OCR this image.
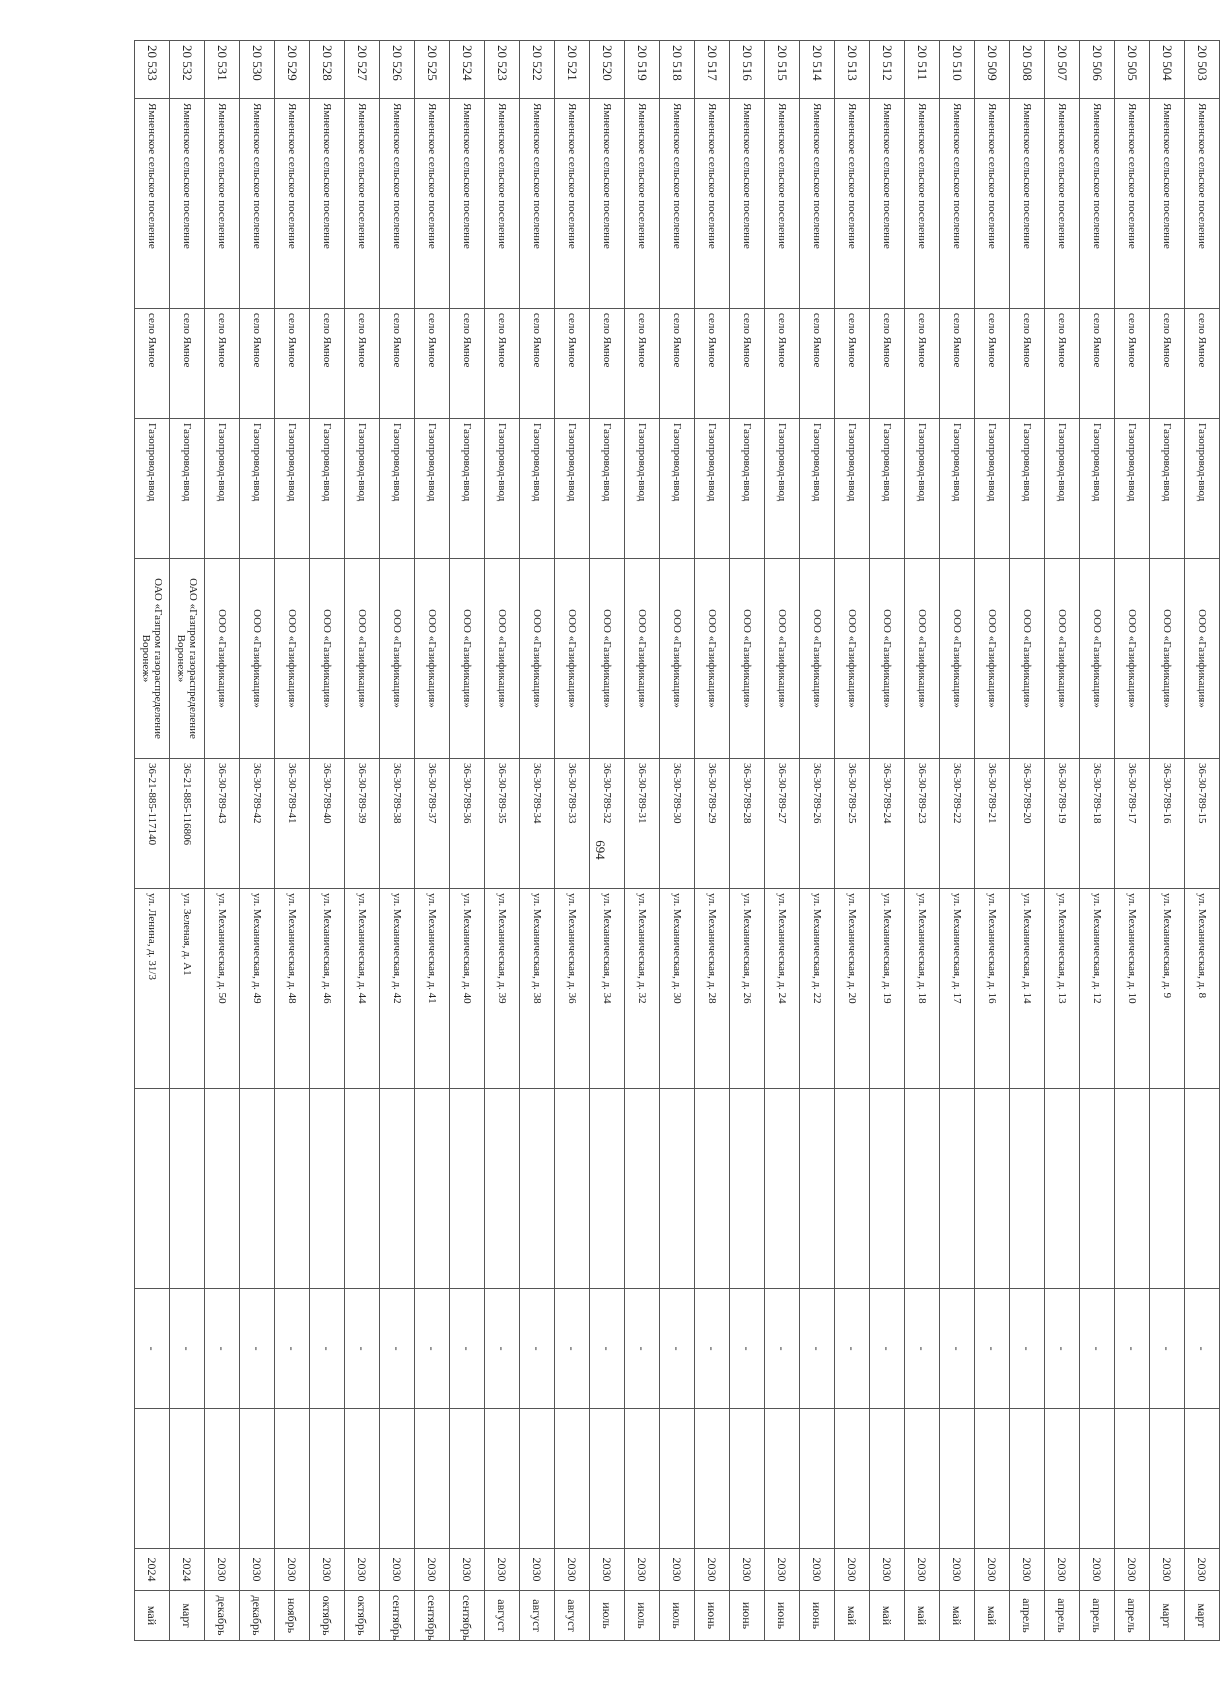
694
20 503	Ямненское сельское поселение	село Ямное	Газопровод-ввод	ООО «Газификация»	36-30-789-15	ул. Механическая, д. 8		-		2030	март
20 504	Ямненское сельское поселение	село Ямное	Газопровод-ввод	ООО «Газификация»	36-30-789-16	ул. Механическая, д. 9		-		2030	март
20 505	Ямненское сельское поселение	село Ямное	Газопровод-ввод	ООО «Газификация»	36-30-789-17	ул. Механическая, д. 10		-		2030	апрель
20 506	Ямненское сельское поселение	село Ямное	Газопровод-ввод	ООО «Газификация»	36-30-789-18	ул. Механическая, д. 12		-		2030	апрель
20 507	Ямненское сельское поселение	село Ямное	Газопровод-ввод	ООО «Газификация»	36-30-789-19	ул. Механическая, д. 13		-		2030	апрель
20 508	Ямненское сельское поселение	село Ямное	Газопровод-ввод	ООО «Газификация»	36-30-789-20	ул. Механическая, д. 14		-		2030	апрель
20 509	Ямненское сельское поселение	село Ямное	Газопровод-ввод	ООО «Газификация»	36-30-789-21	ул. Механическая, д. 16		-		2030	май
20 510	Ямненское сельское поселение	село Ямное	Газопровод-ввод	ООО «Газификация»	36-30-789-22	ул. Механическая, д. 17		-		2030	май
20 511	Ямненское сельское поселение	село Ямное	Газопровод-ввод	ООО «Газификация»	36-30-789-23	ул. Механическая, д. 18		-		2030	май
20 512	Ямненское сельское поселение	село Ямное	Газопровод-ввод	ООО «Газификация»	36-30-789-24	ул. Механическая, д. 19		-		2030	май
20 513	Ямненское сельское поселение	село Ямное	Газопровод-ввод	ООО «Газификация»	36-30-789-25	ул. Механическая, д. 20		-		2030	май
20 514	Ямненское сельское поселение	село Ямное	Газопровод-ввод	ООО «Газификация»	36-30-789-26	ул. Механическая, д. 22		-		2030	июнь
20 515	Ямненское сельское поселение	село Ямное	Газопровод-ввод	ООО «Газификация»	36-30-789-27	ул. Механическая, д. 24		-		2030	июнь
20 516	Ямненское сельское поселение	село Ямное	Газопровод-ввод	ООО «Газификация»	36-30-789-28	ул. Механическая, д. 26		-		2030	июнь
20 517	Ямненское сельское поселение	село Ямное	Газопровод-ввод	ООО «Газификация»	36-30-789-29	ул. Механическая, д. 28		-		2030	июнь
20 518	Ямненское сельское поселение	село Ямное	Газопровод-ввод	ООО «Газификация»	36-30-789-30	ул. Механическая, д. 30		-		2030	июль
20 519	Ямненское сельское поселение	село Ямное	Газопровод-ввод	ООО «Газификация»	36-30-789-31	ул. Механическая, д. 32		-		2030	июль
20 520	Ямненское сельское поселение	село Ямное	Газопровод-ввод	ООО «Газификация»	36-30-789-32	ул. Механическая, д. 34		-		2030	июль
20 521	Ямненское сельское поселение	село Ямное	Газопровод-ввод	ООО «Газификация»	36-30-789-33	ул. Механическая, д. 36		-		2030	август
20 522	Ямненское сельское поселение	село Ямное	Газопровод-ввод	ООО «Газификация»	36-30-789-34	ул. Механическая, д. 38		-		2030	август
20 523	Ямненское сельское поселение	село Ямное	Газопровод-ввод	ООО «Газификация»	36-30-789-35	ул. Механическая, д. 39		-		2030	август
20 524	Ямненское сельское поселение	село Ямное	Газопровод-ввод	ООО «Газификация»	36-30-789-36	ул. Механическая, д. 40		-		2030	сентябрь
20 525	Ямненское сельское поселение	село Ямное	Газопровод-ввод	ООО «Газификация»	36-30-789-37	ул. Механическая, д. 41		-		2030	сентябрь
20 526	Ямненское сельское поселение	село Ямное	Газопровод-ввод	ООО «Газификация»	36-30-789-38	ул. Механическая, д. 42		-		2030	сентябрь
20 527	Ямненское сельское поселение	село Ямное	Газопровод-ввод	ООО «Газификация»	36-30-789-39	ул. Механическая, д. 44		-		2030	октябрь
20 528	Ямненское сельское поселение	село Ямное	Газопровод-ввод	ООО «Газификация»	36-30-789-40	ул. Механическая, д. 46		-		2030	октябрь
20 529	Ямненское сельское поселение	село Ямное	Газопровод-ввод	ООО «Газификация»	36-30-789-41	ул. Механическая, д. 48		-		2030	ноябрь
20 530	Ямненское сельское поселение	село Ямное	Газопровод-ввод	ООО «Газификация»	36-30-789-42	ул. Механическая, д. 49		-		2030	декабрь
20 531	Ямненское сельское поселение	село Ямное	Газопровод-ввод	ООО «Газификация»	36-30-789-43	ул. Механическая, д. 50		-		2030	декабрь
20 532	Ямненское сельское поселение	село Ямное	Газопровод-ввод	ОАО «Газпром газораспределение Воронеж»	36-21-885-116806	ул. Зеленая, д. А1		-		2024	март
20 533	Ямненское сельское поселение	село Ямное	Газопровод-ввод	ОАО «Газпром газораспределение Воронеж»	36-21-885-117140	ул. Ленина, д. 31/3		-		2024	май
